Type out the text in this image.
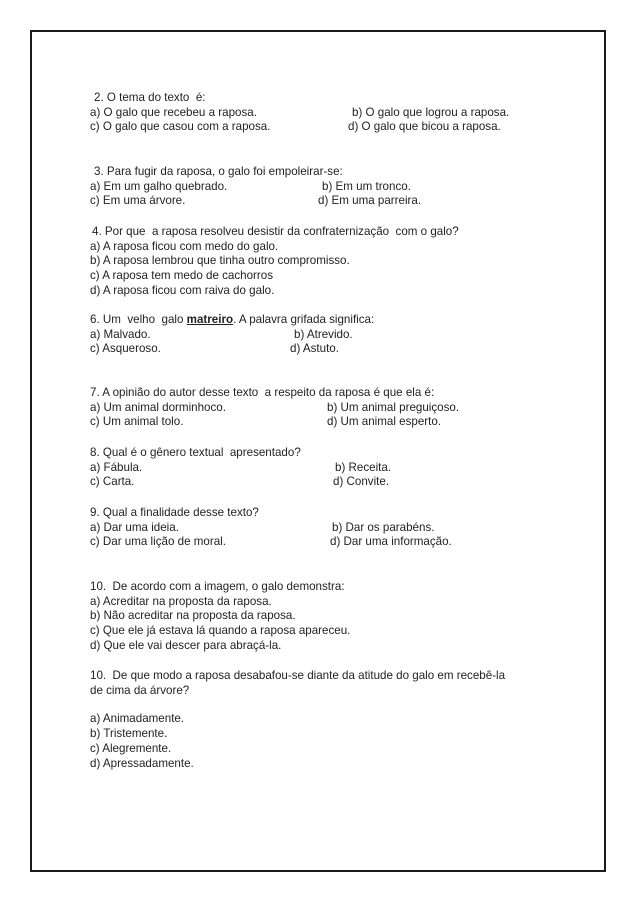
2. O tema do texto  é:

a) O galo que recebeu a raposa.	b) O galo que logrou a raposa.
c) O galo que casou com a raposa.	d) O galo que bicou a raposa.

3. Para fugir da raposa, o galo foi empoleirar-se:

a) Em um galho quebrado.	b) Em um tronco.
c) Em uma árvore.	d) Em uma parreira.

4. Por que  a raposa resolveu desistir da confraternização  com o galo?

a) A raposa ficou com medo do galo.

b) A raposa lembrou que tinha outro compromisso.

c) A raposa tem medo de cachorros

d) A raposa ficou com raiva do galo.

6. Um  velho  galo matreiro. A palavra grifada significa:

a) Malvado.	b) Atrevido.
c) Asqueroso.	d) Astuto.

7. A opinião do autor desse texto  a respeito da raposa é que ela é:

a) Um animal dorminhoco.	b) Um animal preguiçoso.
c) Um animal tolo.	d) Um animal esperto.

8. Qual é o gênero textual  apresentado?

a) Fábula.	b) Receita.
c) Carta.	d) Convite.

9. Qual a finalidade desse texto?

a) Dar uma ideia.	b) Dar os parabéns.
c) Dar uma lição de moral.	d) Dar uma informação.

10.  De acordo com a imagem, o galo demonstra:

a) Acreditar na proposta da raposa.

b) Não acreditar na proposta da raposa.

c) Que ele já estava lá quando a raposa apareceu.

d) Que ele vai descer para abraçá-la.

10.  De que modo a raposa desabafou-se diante da atitude do galo em recebê-la

de cima da árvore?

a) Animadamente.

b) Tristemente.

c) Alegremente.

d) Apressadamente.
